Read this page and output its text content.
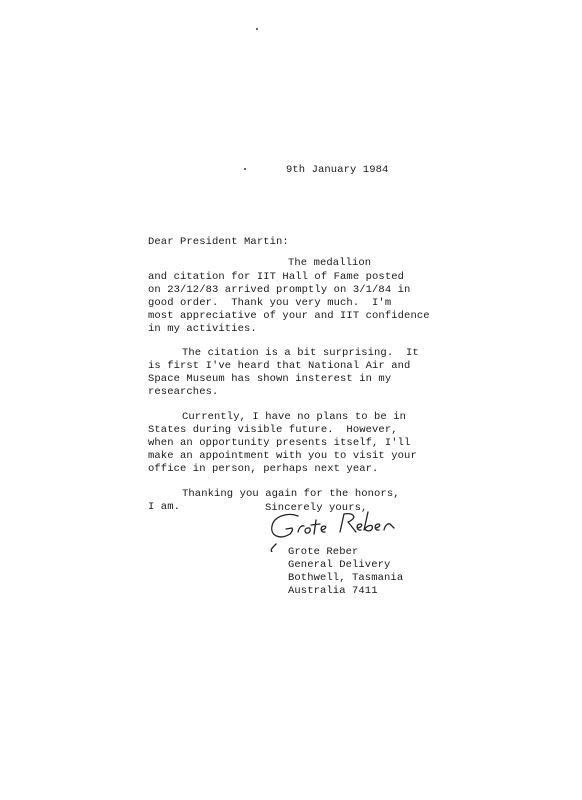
9th January 1984
Dear President Martin:
The medallion
and citation for IIT Hall of Fame posted
on 23/12/83 arrived promptly on 3/1/84 in
good order.  Thank you very much.  I'm
most appreciative of your and IIT confidence
in my activities.
The citation is a bit surprising.  It
is first I've heard that National Air and
Space Museum has shown insterest in my
researches.
Currently, I have no plans to be in
States during visible future.  However,
when an opportunity presents itself, I'll
make an appointment with you to visit your
office in person, perhaps next year.
Thanking you again for the honors,
I am.	Sincerely yours,
Grote Reber
General Delivery
Bothwell, Tasmania
Australia 7411
